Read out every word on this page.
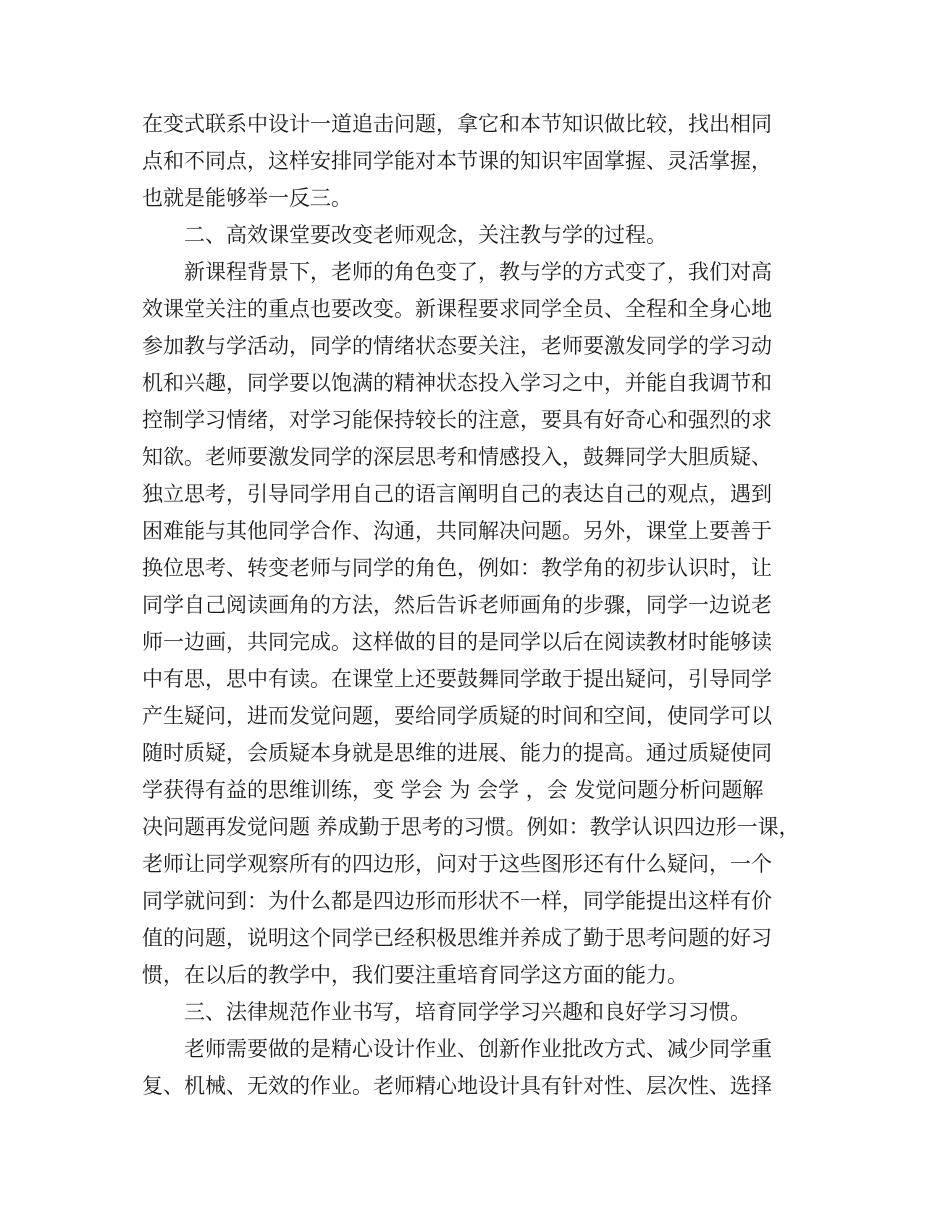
在变式联系中设计一道追击问题，拿它和本节知识做比较，找出相同
点和不同点，这样安排同学能对本节课的知识牢固掌握、灵活掌握，
也就是能够举一反三。
二、高效课堂要改变老师观念，关注教与学的过程。
新课程背景下，老师的角色变了，教与学的方式变了，我们对高
效课堂关注的重点也要改变。新课程要求同学全员、全程和全身心地
参加教与学活动，同学的情绪状态要关注，老师要激发同学的学习动
机和兴趣，同学要以饱满的精神状态投入学习之中，并能自我调节和
控制学习情绪，对学习能保持较长的注意，要具有好奇心和强烈的求
知欲。老师要激发同学的深层思考和情感投入，鼓舞同学大胆质疑、
独立思考，引导同学用自己的语言阐明自己的表达自己的观点，遇到
困难能与其他同学合作、沟通，共同解决问题。另外，课堂上要善于
换位思考、转变老师与同学的角色，例如：教学角的初步认识时，让
同学自己阅读画角的方法，然后告诉老师画角的步骤，同学一边说老
师一边画，共同完成。这样做的目的是同学以后在阅读教材时能够读
中有思，思中有读。在课堂上还要鼓舞同学敢于提出疑问，引导同学
产生疑问，进而发觉问题，要给同学质疑的时间和空间，使同学可以
随时质疑，会质疑本身就是思维的进展、能力的提高。通过质疑使同
学获得有益的思维训练，变 学会 为 会学 ，会 发觉问题分析问题解
决问题再发觉问题 养成勤于思考的习惯。例如：教学认识四边形一课，
老师让同学观察所有的四边形，问对于这些图形还有什么疑问，一个
同学就问到：为什么都是四边形而形状不一样，同学能提出这样有价
值的问题，说明这个同学已经积极思维并养成了勤于思考问题的好习
惯，在以后的教学中，我们要注重培育同学这方面的能力。
三、法律规范作业书写，培育同学学习兴趣和良好学习习惯。
老师需要做的是精心设计作业、创新作业批改方式、减少同学重
复、机械、无效的作业。老师精心地设计具有针对性、层次性、选择
